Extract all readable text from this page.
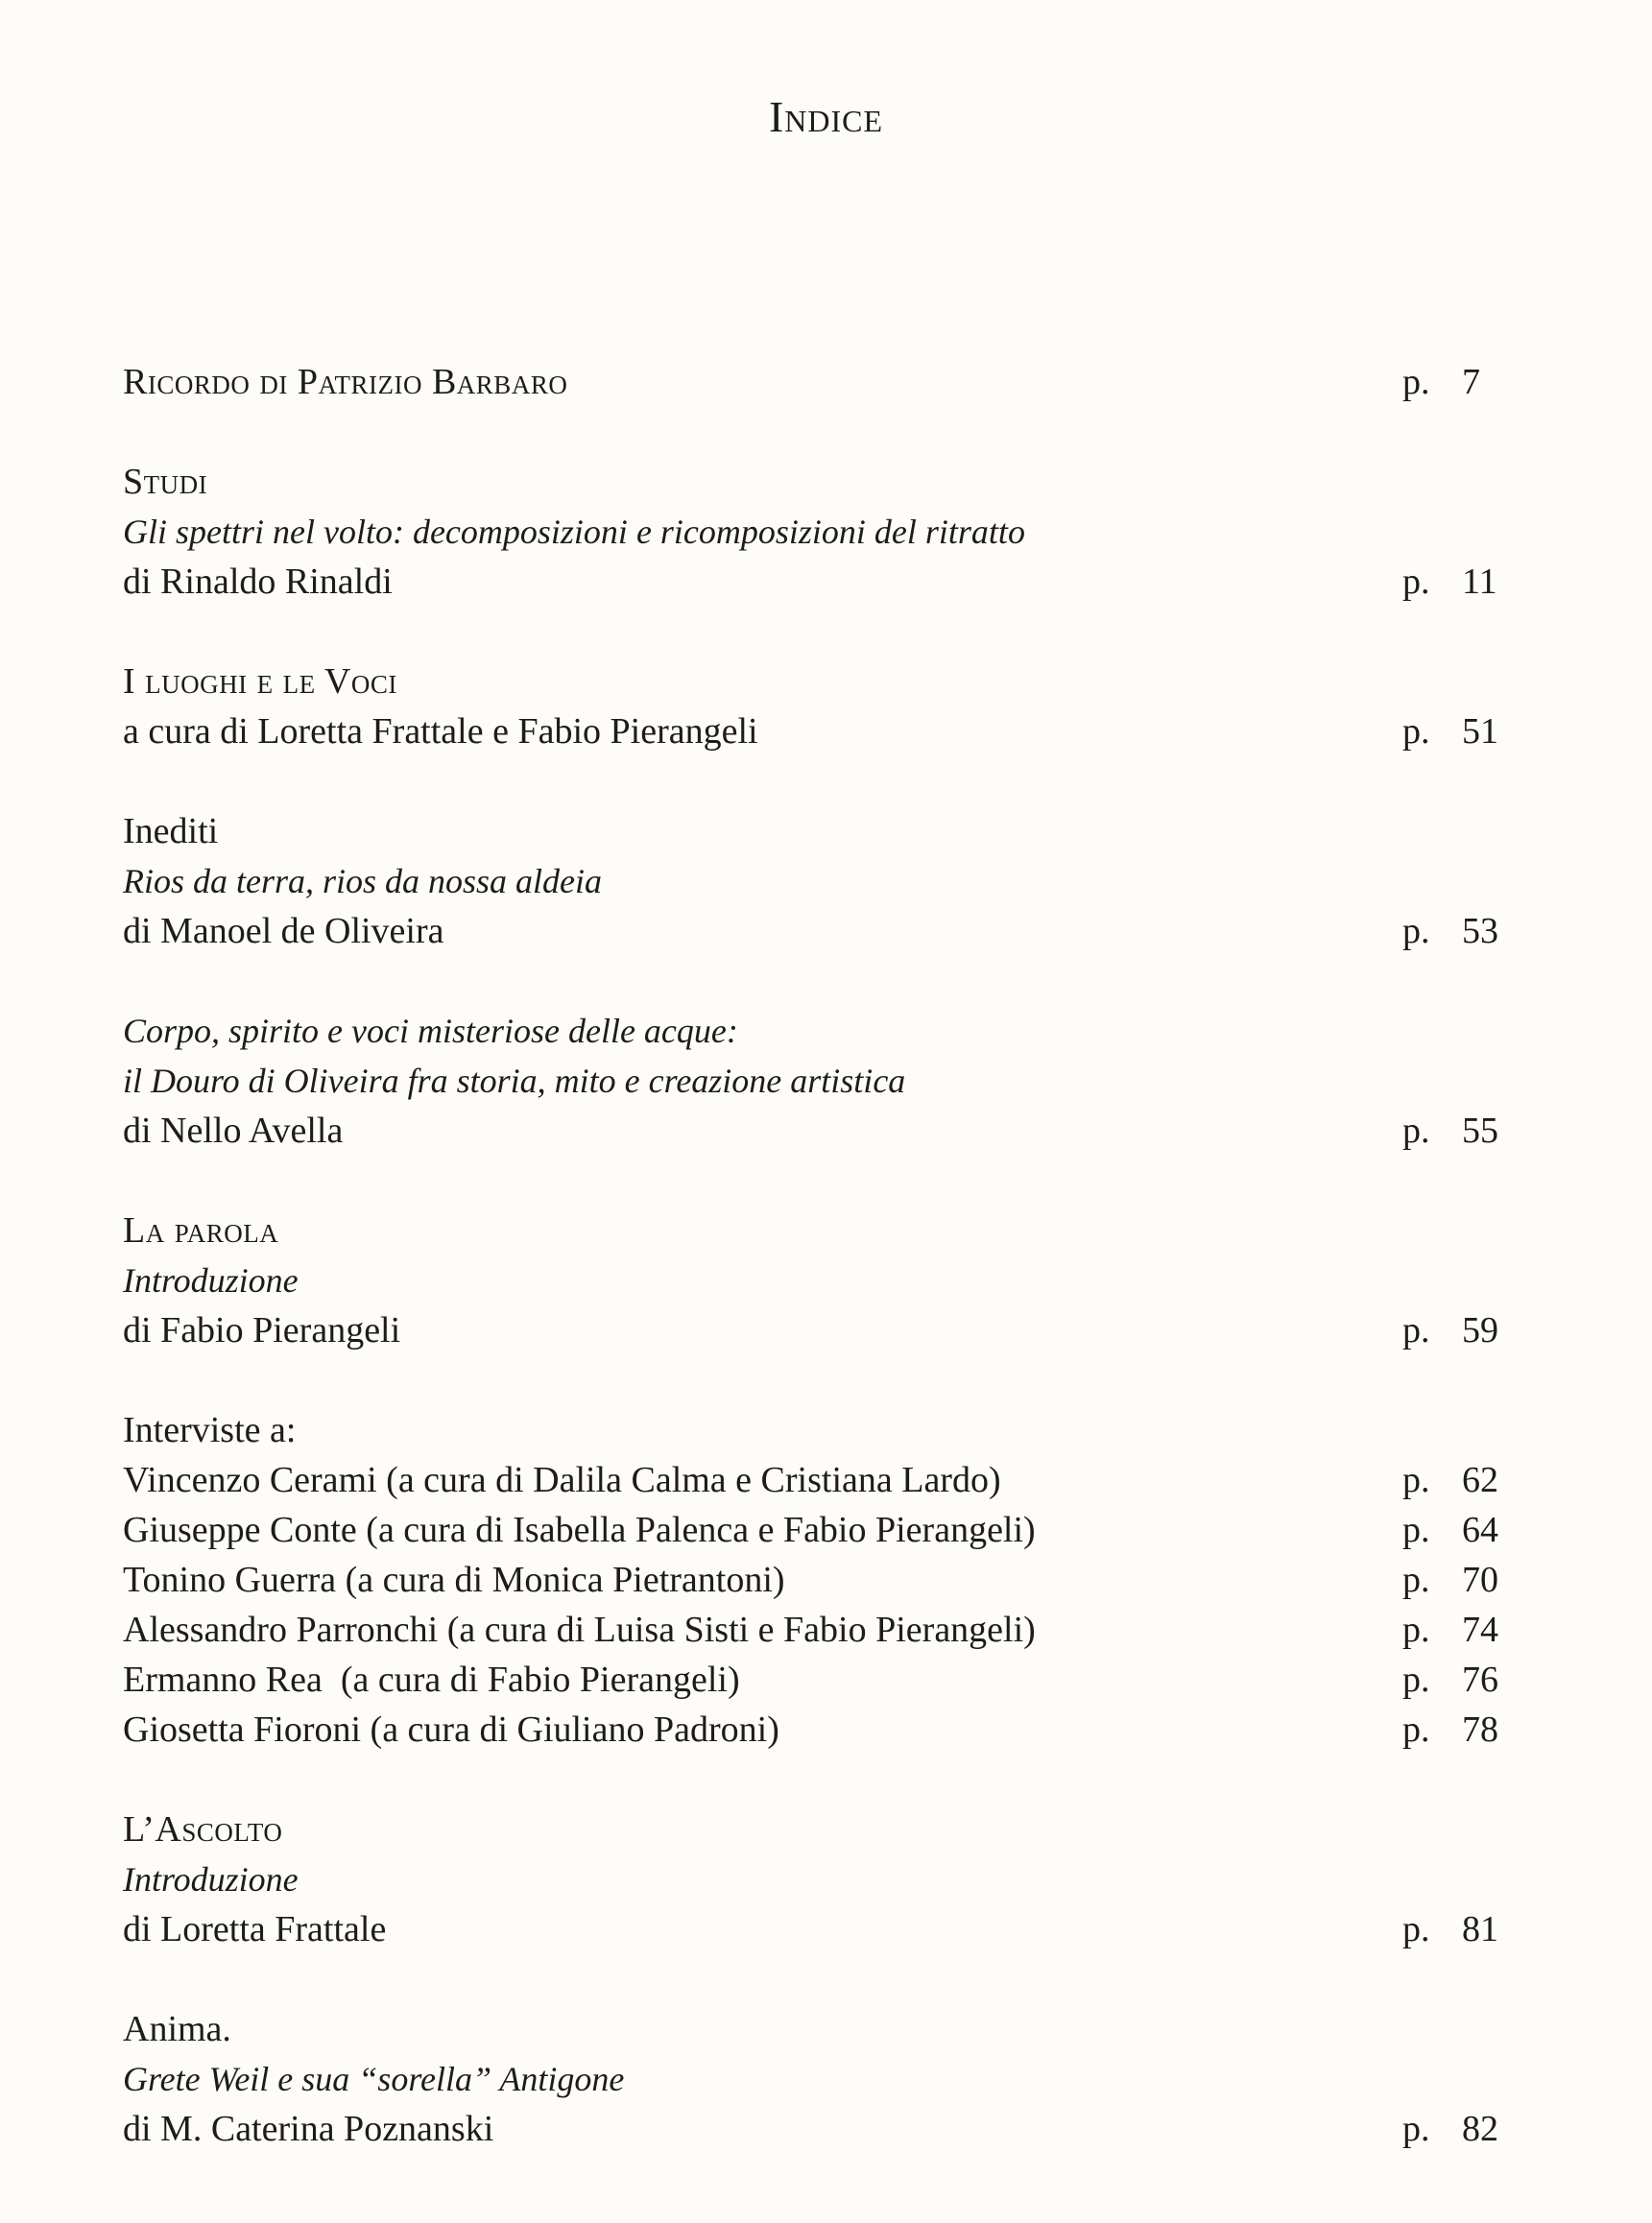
Indice
Ricordo di Patrizio Barbaro	p. 7
Studi
Gli spettri nel volto: decomposizioni e ricomposizioni del ritratto
di Rinaldo Rinaldi	p. 11
I luoghi e le Voci
a cura di Loretta Frattale e Fabio Pierangeli	p. 51
Inediti
Rios da terra, rios da nossa aldeia
di Manoel de Oliveira	p. 53
Corpo, spirito e voci misteriose delle acque:
il Douro di Oliveira fra storia, mito e creazione artistica
di Nello Avella	p. 55
La parola
Introduzione
di Fabio Pierangeli	p. 59
Interviste a:
Vincenzo Cerami (a cura di Dalila Calma e Cristiana Lardo)	p. 62
Giuseppe Conte (a cura di Isabella Palenca e Fabio Pierangeli)	p. 64
Tonino Guerra (a cura di Monica Pietrantoni)	p. 70
Alessandro Parronchi (a cura di Luisa Sisti e Fabio Pierangeli)	p. 74
Ermanno Rea  (a cura di Fabio Pierangeli)	p. 76
Giosetta Fioroni (a cura di Giuliano Padroni)	p. 78
L’Ascolto
Introduzione
di Loretta Frattale	p. 81
Anima.
Grete Weil e sua “sorella” Antigone
di M. Caterina Poznanski	p. 82
